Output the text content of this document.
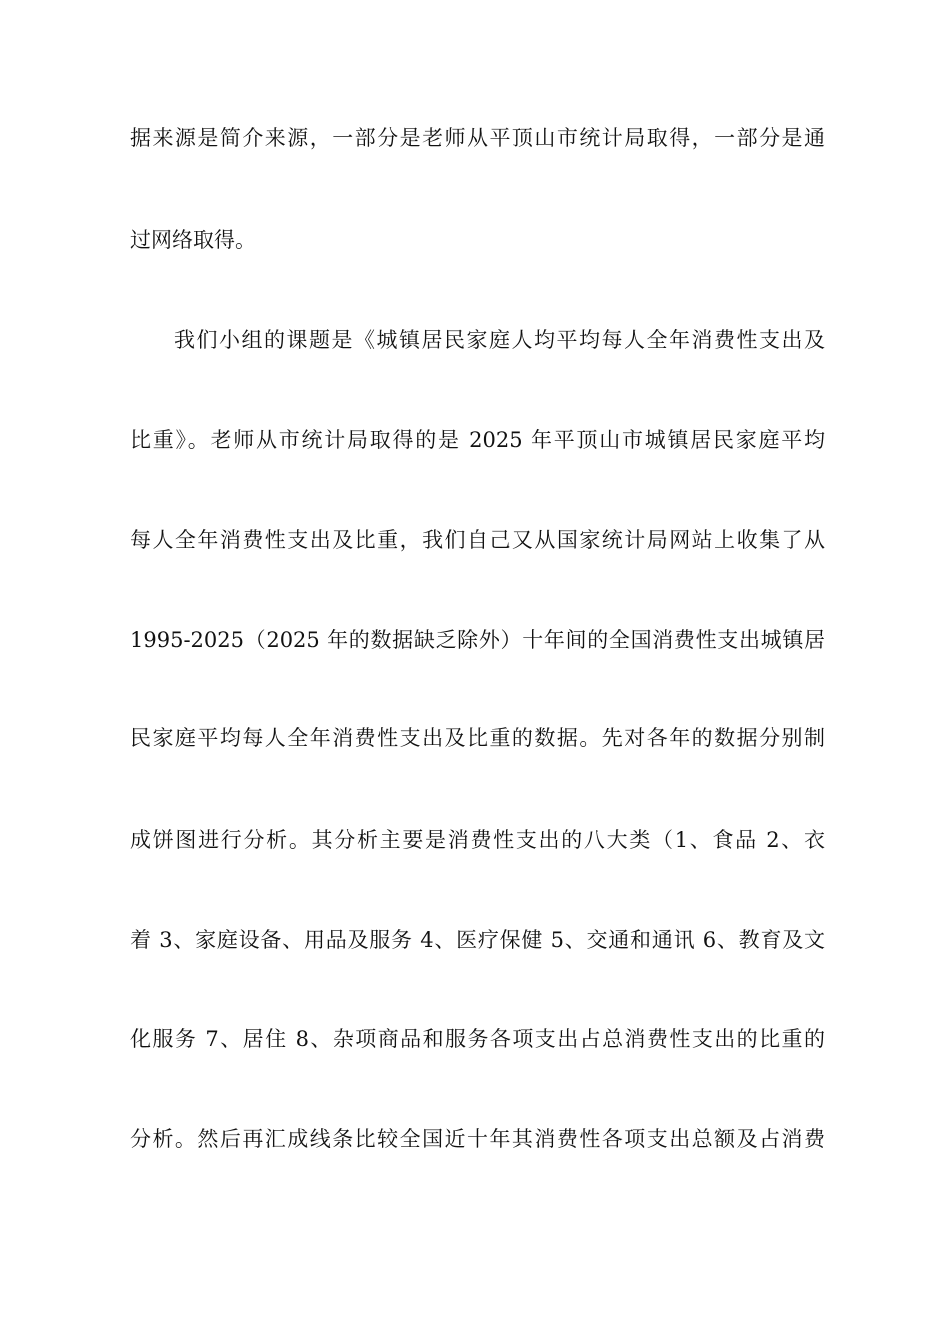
据来源是简介来源，一部分是老师从平顶山市统计局取得，一部分是通

过网络取得。

我们小组的课题是《城镇居民家庭人均平均每人全年消费性支出及

比重》。老师从市统计局取得的是 2025 年平顶山市城镇居民家庭平均

每人全年消费性支出及比重，我们自己又从国家统计局网站上收集了从

1995-2025（2025 年的数据缺乏除外）十年间的全国消费性支出城镇居

民家庭平均每人全年消费性支出及比重的数据。先对各年的数据分别制

成饼图进行分析。其分析主要是消费性支出的八大类（1、食品 2、衣

着 3、家庭设备、用品及服务 4、医疗保健 5、交通和通讯 6、教育及文

化服务 7、居住 8、杂项商品和服务各项支出占总消费性支出的比重的

分析。然后再汇成线条比较全国近十年其消费性各项支出总额及占消费
